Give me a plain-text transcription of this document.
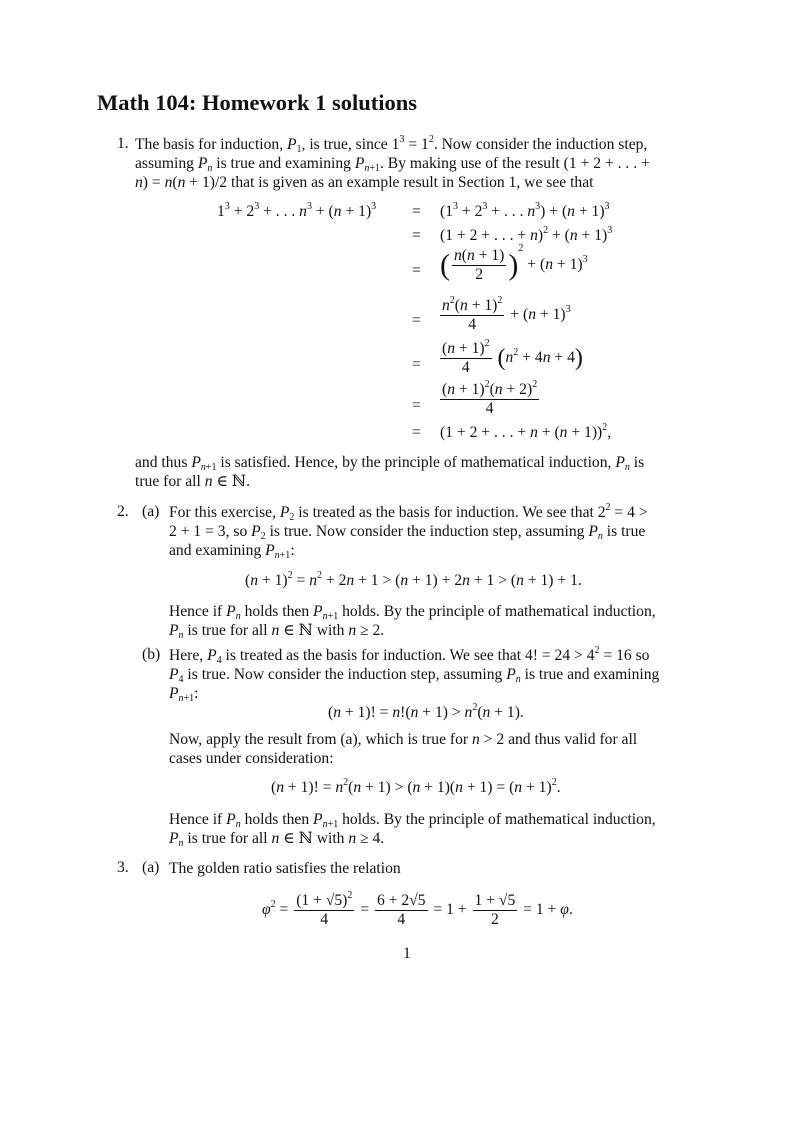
Math 104: Homework 1 solutions
1. The basis for induction, $P_1$, is true, since $1^3 = 1^2$. Now consider the induction step,
assuming $P_n$ is true and examining $P_{n+1}$. By making use of the result (1 + 2 + . . . +
n) = n(n + 1)/2 that is given as an example result in Section 1, we see that
$1^3 + 2^3$ + . . . $n^3 + (n + 1)^3 = (1^3 + 2^3$ + . . . $n^3) + (n + 1)^3$
= (1 + 2 + . . . + $n)^2 + (n + 1)^3$
= ( $\frac{n(n + 1)}{2} )^2 + (n + 1)^3$
= $\frac{n^2(n + 1)^2}{4} + (n + 1)^3$
= $\frac{(n + 1)^2}{4} (n^2 + 4n + 4)$
= $\frac{(n + 1)^2(n + 2)^2}{4}$
= (1 + 2 + . . . + n + (n + 1))$^2$,
and thus $P_{n+1}$ is satisfied. Hence, by the principle of mathematical induction, $P_n$ is
true for all n ∈ ℕ.
2. (a) For this exercise, $P_2$ is treated as the basis for induction. We see that $2^2 = 4$ >
2 + 1 = 3, so $P_2$ is true. Now consider the induction step, assuming $P_n$ is true
and examining $P_{n+1}$:
$(n + 1)^2 = n^2 + 2n + 1 > (n + 1) + 2n + 1 > (n + 1) + 1$.
Hence if $P_n$ holds then $P_{n+1}$ holds. By the principle of mathematical induction,
$P_n$ is true for all n ∈ ℕ with n ≥ 2.
(b) Here, $P_4$ is treated as the basis for induction. We see that 4! = $24 > 4^2 = 16$ so
$P_4$ is true. Now consider the induction step, assuming $P_n$ is true and examining
$P_{n+1}$:
(n + 1)! = $n!(n + 1) > n^2(n + 1)$.
Now, apply the result from (a), which is true for n > 2 and thus valid for all
cases under consideration:
(n + 1)! = $n^2(n + 1) > (n + 1)(n + 1) = (n + 1)^2$.
Hence if $P_n$ holds then $P_{n+1}$ holds. By the principle of mathematical induction,
$P_n$ is true for all n ∈ ℕ with n ≥ 4.
3. (a) The golden ratio satisfies the relation
$\varphi^2 = \frac{(1 + √5)^2}{4} = \frac{6 + 2√5}{4} = 1 + \frac{1 + √5}{2} = 1 + \varphi$.
1
